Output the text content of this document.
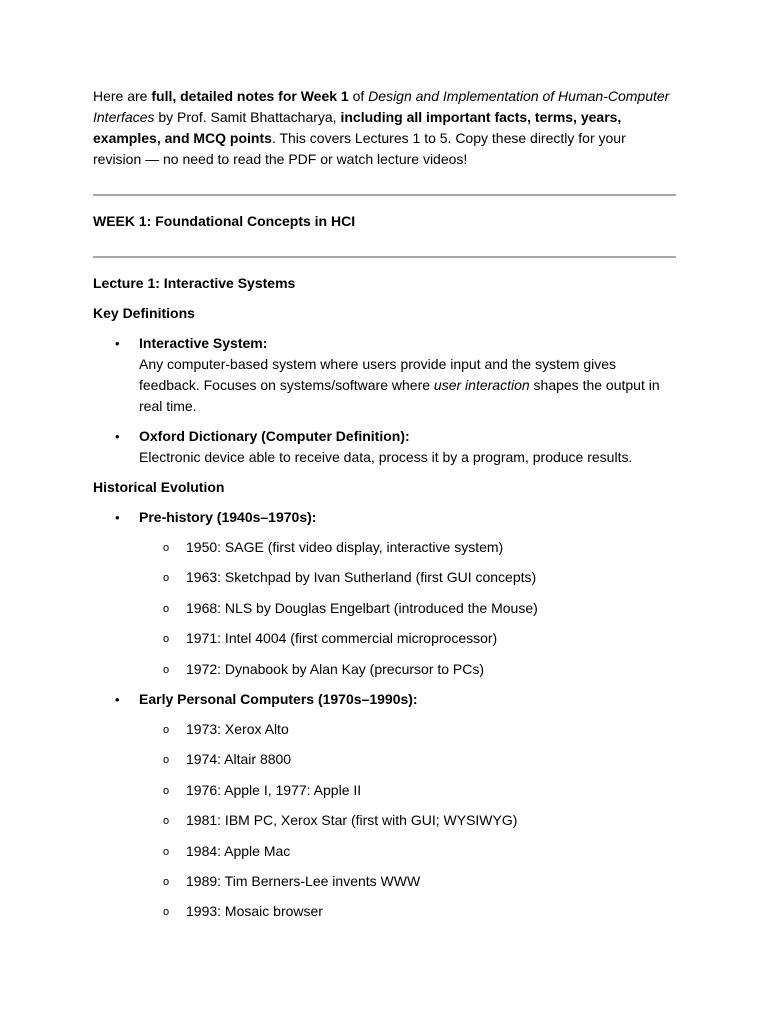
Here are full, detailed notes for Week 1 of Design and Implementation of Human-Computer Interfaces by Prof. Samit Bhattacharya, including all important facts, terms, years, examples, and MCQ points. This covers Lectures 1 to 5. Copy these directly for your revision — no need to read the PDF or watch lecture videos!

WEEK 1: Foundational Concepts in HCI

Lecture 1: Interactive Systems

Key Definitions

• Interactive System:

Any computer-based system where users provide input and the system gives feedback. Focuses on systems/software where user interaction shapes the output in real time.

• Oxford Dictionary (Computer Definition):

Electronic device able to receive data, process it by a program, produce results.

Historical Evolution

• Pre-history (1940s–1970s):

o 1950: SAGE (first video display, interactive system)
o 1963: Sketchpad by Ivan Sutherland (first GUI concepts)
o 1968: NLS by Douglas Engelbart (introduced the Mouse)
o 1971: Intel 4004 (first commercial microprocessor)
o 1972: Dynabook by Alan Kay (precursor to PCs)
• Early Personal Computers (1970s–1990s):

o 1973: Xerox Alto
o 1974: Altair 8800
o 1976: Apple I, 1977: Apple II
o 1981: IBM PC, Xerox Star (first with GUI; WYSIWYG)
o 1984: Apple Mac
o 1989: Tim Berners-Lee invents WWW
o 1993: Mosaic browser
